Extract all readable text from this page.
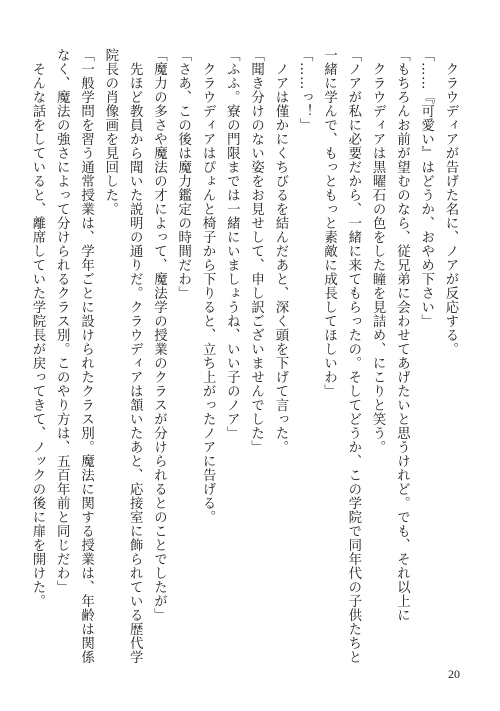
　クラウディアが告げた名に、ノアが反応する。
「……『可愛い』はどうか、おやめ下さい」
「もちろんお前が望むのなら、従兄弟に会わせてあげたいと思うけれど。でも、それ以上に
　クラウディアは黒曜石の色をした瞳を見詰め、にこりと笑う。
「ノアが私に必要だから、一緒に来てもらったの。そしてどうか、この学院で同年代の子供たちと
一緒に学んで、もっともっと素敵に成長してほしいわ」
「……っ！」
　ノアは僅かにくちびるを結んだあと、深く頭を下げて言った。
「聞き分けのない姿をお見せして、申し訳ございませんでした」
「ふふ。寮の門限までは一緒にいましょうね、いい子のノア」
　クラウディアはぴょんと椅子から下りると、立ち上がったノアに告げる。
「さあ、この後は魔力鑑定の時間だわ」
「魔力の多さや魔法の才によって、魔法学の授業のクラスが分けられるとのことでしたが」
　先ほど教員から聞いた説明の通りだ。クラウディアは頷いたあと、応接室に飾られている歴代学
院長の肖像画を見回した。
「一般学問を習う通常授業は、学年ごとに設けられたクラス別。魔法に関する授業は、年齢は関係
なく、魔法の強さによって分けられるクラス別。このやり方は、五百年前と同じだわ」
　そんな話をしていると、離席していた学院長が戻ってきて、ノックの後に扉を開けた。
20
